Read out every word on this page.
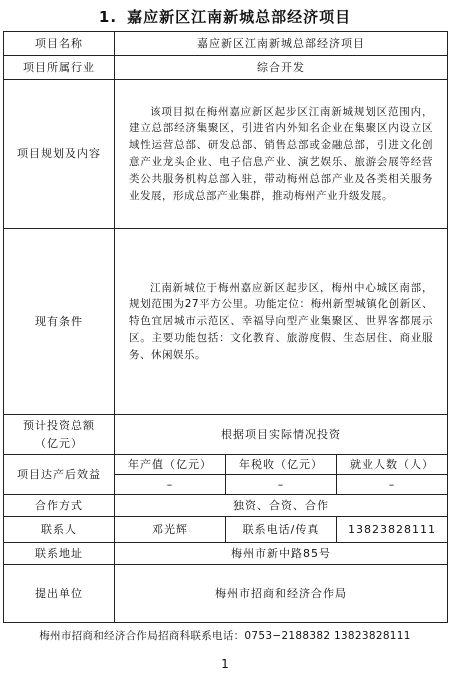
1. 嘉应新区江南新城总部经济项目
项目名称	嘉应新区江南新城总部经济项目		
项目所属行业	综合开发		
项目规划及内容	该项目拟在梅州嘉应新区起步区江南新城规划区范围内，建立总部经济集聚区，引进省内外知名企业在集聚区内设立区域性运营总部、研发总部、销售总部或金融总部，引进文化创意产业龙头企业、电子信息产业、演艺娱乐、旅游会展等经营类公共服务机构总部入驻，带动梅州总部产业及各类相关服务业发展，形成总部产业集群，推动梅州产业升级发展。		

现有条件	江南新城位于梅州嘉应新区起步区，梅州中心城区南部，规划范围为27平方公里。功能定位：梅州新型城镇化创新区、特色宜居城市示范区、幸福导向型产业集聚区、世界客都展示区。主要功能包括：文化教育、旅游度假、生态居住、商业服务、休闲娱乐。		

预计投资总额
（亿元）	根据项目实际情况投资		
项目达产后效益	年产值（亿元）	年税收（亿元）	就业人数（人）
	–	–	–
合作方式	独资、合资、合作		
联系人	邓光辉	联系电话/传真	13823828111
联系地址	梅州市新中路85号		
提出单位	梅州市招商和经济合作局		
梅州市招商和经济合作局招商科联系电话：0753−2188382 13823828111
1
